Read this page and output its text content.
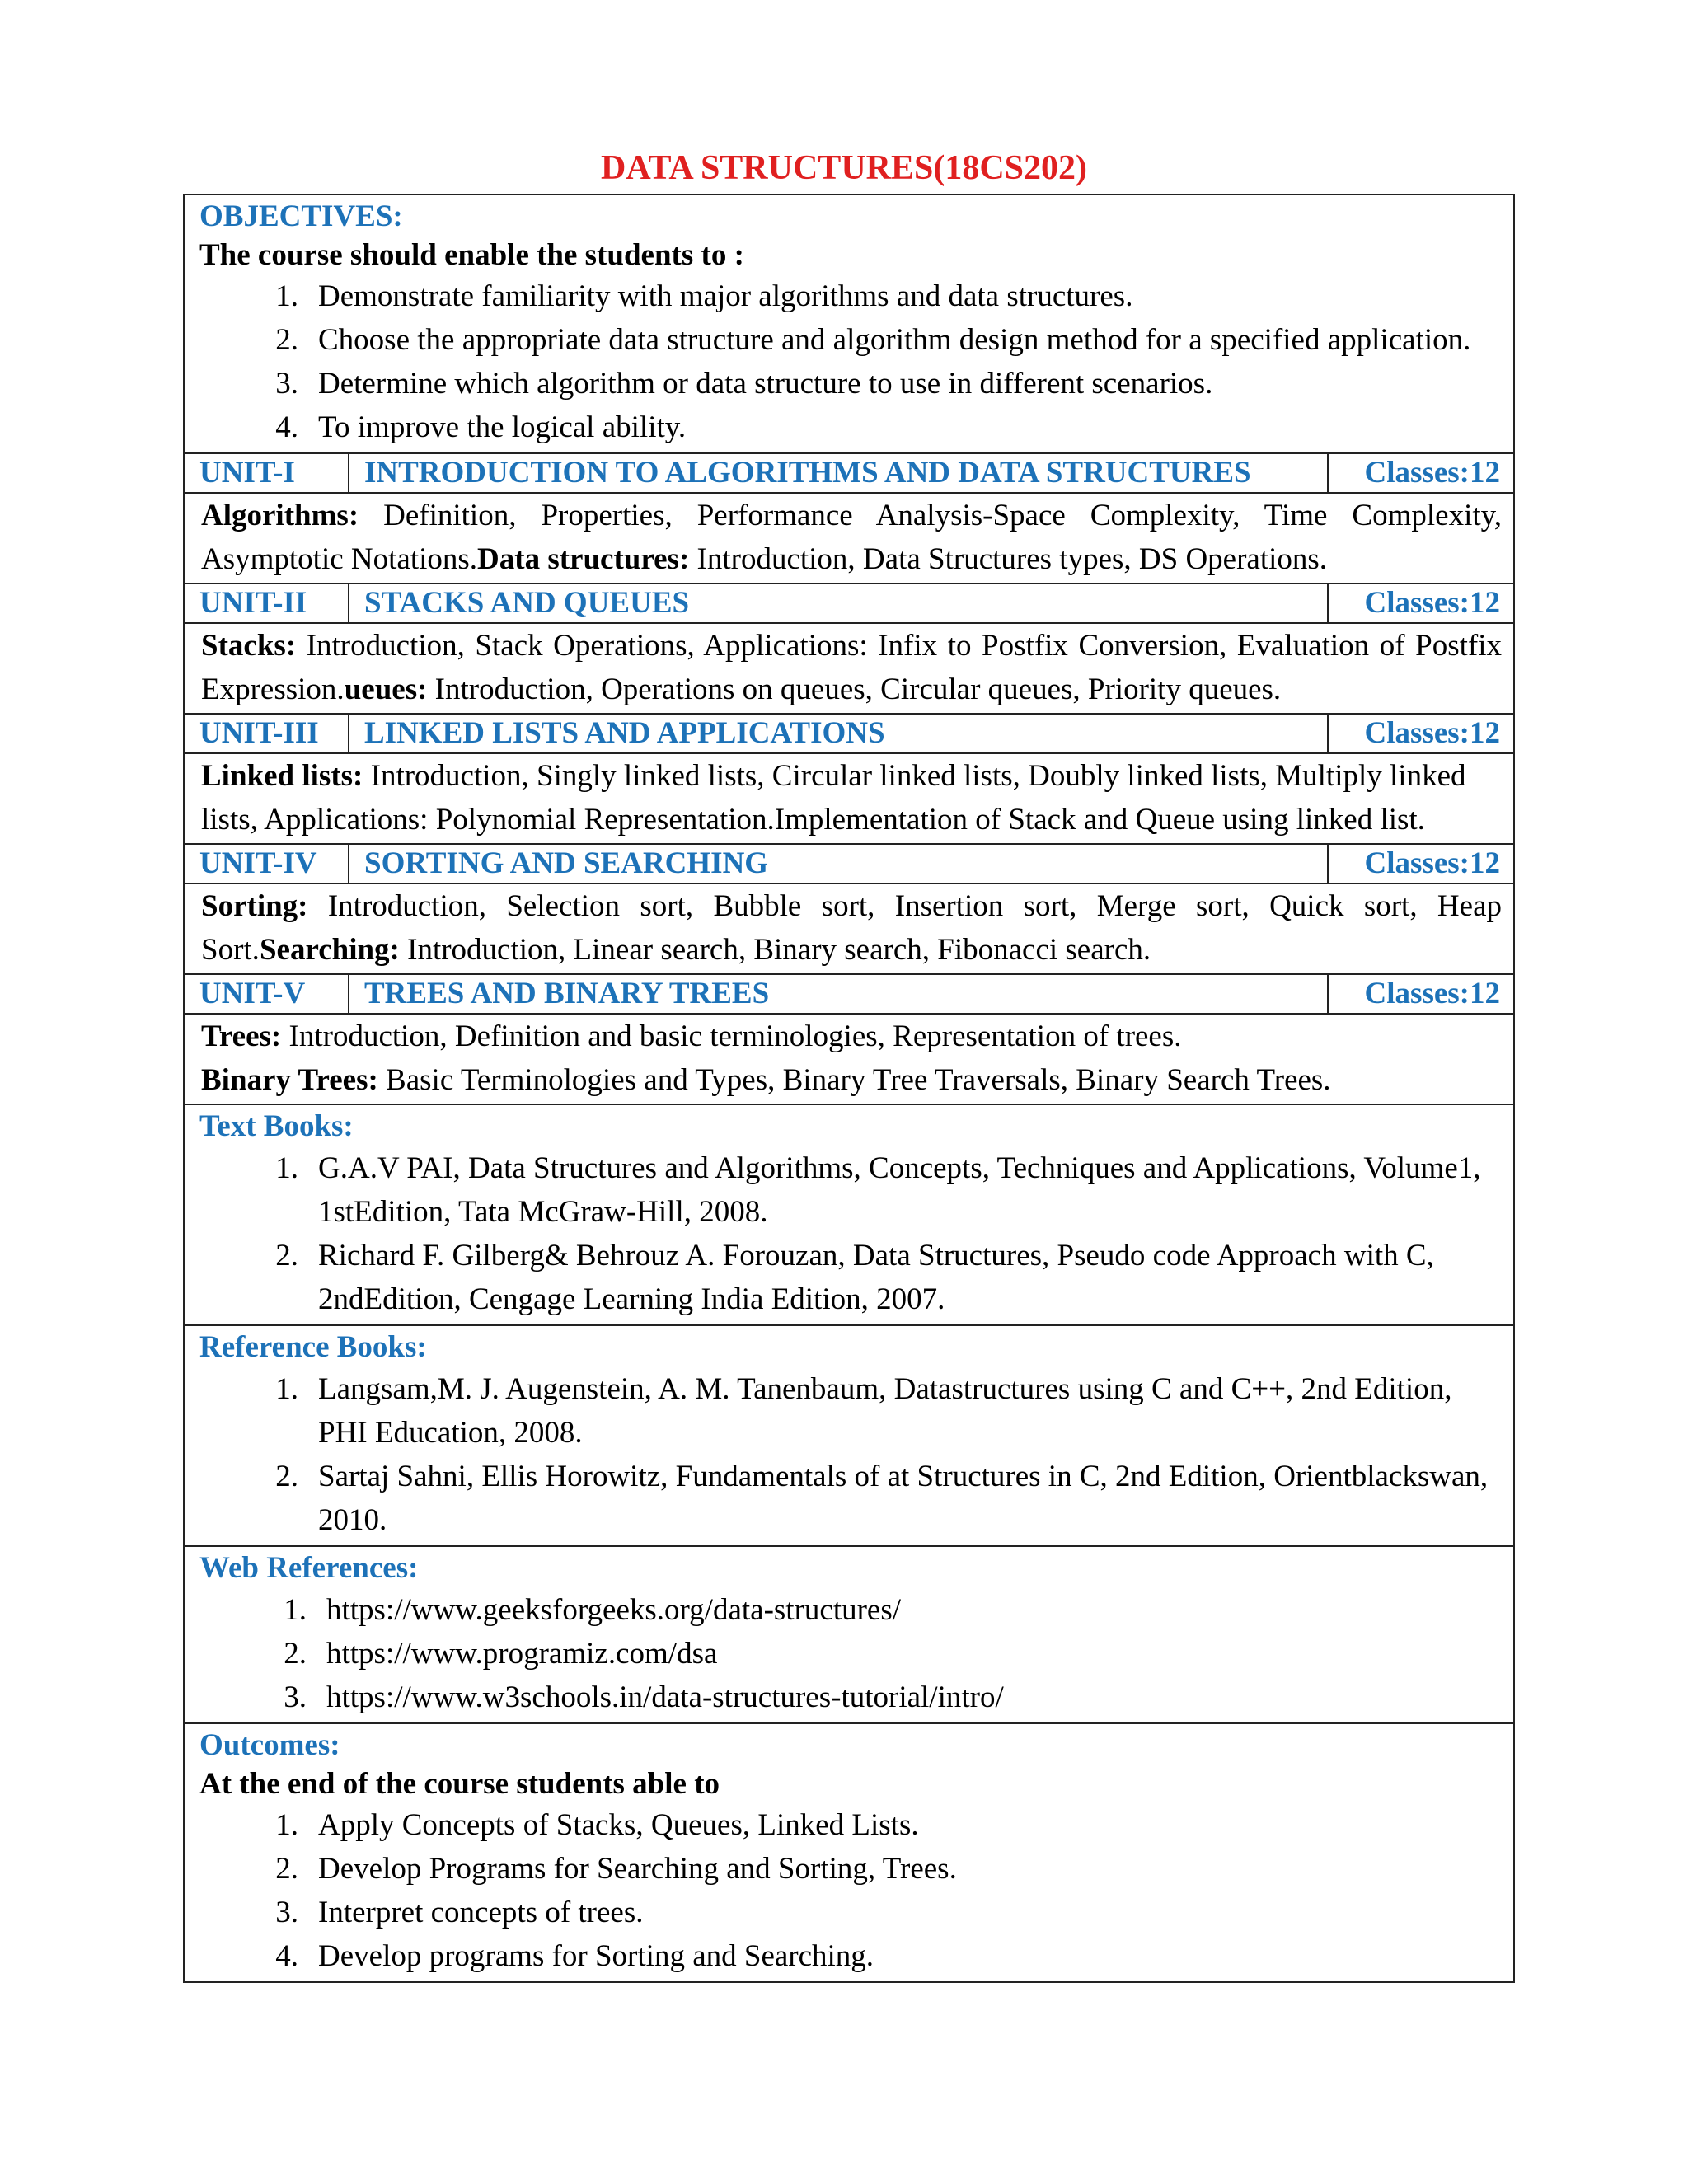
DATA STRUCTURES(18CS202)
OBJECTIVES:
The course should enable the students to :
1. Demonstrate familiarity with major algorithms and data structures.
2. Choose the appropriate data structure and algorithm design method for a specified application.
3. Determine which algorithm or data structure to use in different scenarios.
4. To improve the logical ability.
UNIT-I	INTRODUCTION TO ALGORITHMS AND DATA STRUCTURES	Classes:12
Algorithms: Definition, Properties, Performance Analysis-Space Complexity, Time Complexity, Asymptotic Notations.Data structures: Introduction, Data Structures types, DS Operations.
UNIT-II	STACKS AND QUEUES	Classes:12
Stacks: Introduction, Stack Operations, Applications: Infix to Postfix Conversion, Evaluation of Postfix Expression.ueues: Introduction, Operations on queues, Circular queues, Priority queues.
UNIT-III	LINKED LISTS AND APPLICATIONS	Classes:12
Linked lists: Introduction, Singly linked lists, Circular linked lists, Doubly linked lists, Multiply linked lists, Applications: Polynomial Representation.Implementation of Stack and Queue using linked list.
UNIT-IV	SORTING AND SEARCHING	Classes:12
Sorting: Introduction, Selection sort, Bubble sort, Insertion sort, Merge sort, Quick sort, Heap Sort.Searching: Introduction, Linear search, Binary search, Fibonacci search.
UNIT-V	TREES AND BINARY TREES	Classes:12
Trees: Introduction, Definition and basic terminologies, Representation of trees.
Binary Trees: Basic Terminologies and Types, Binary Tree Traversals, Binary Search Trees.
Text Books:
1. G.A.V PAI, Data Structures and Algorithms, Concepts, Techniques and Applications, Volume1, 1stEdition, Tata McGraw-Hill, 2008.
2. Richard F. Gilberg& Behrouz A. Forouzan, Data Structures, Pseudo code Approach with C, 2ndEdition, Cengage Learning India Edition, 2007.
Reference Books:
1. Langsam,M. J. Augenstein, A. M. Tanenbaum, Datastructures using C and C++, 2nd Edition, PHI Education, 2008.
2. Sartaj Sahni, Ellis Horowitz, Fundamentals of at Structures in C, 2nd Edition, Orientblackswan, 2010.
Web References:
1. https://www.geeksforgeeks.org/data-structures/
2. https://www.programiz.com/dsa
3. https://www.w3schools.in/data-structures-tutorial/intro/
Outcomes:
At the end of the course students able to
1. Apply Concepts of Stacks, Queues, Linked Lists.
2. Develop Programs for Searching and Sorting, Trees.
3. Interpret concepts of trees.
4. Develop programs for Sorting and Searching.
